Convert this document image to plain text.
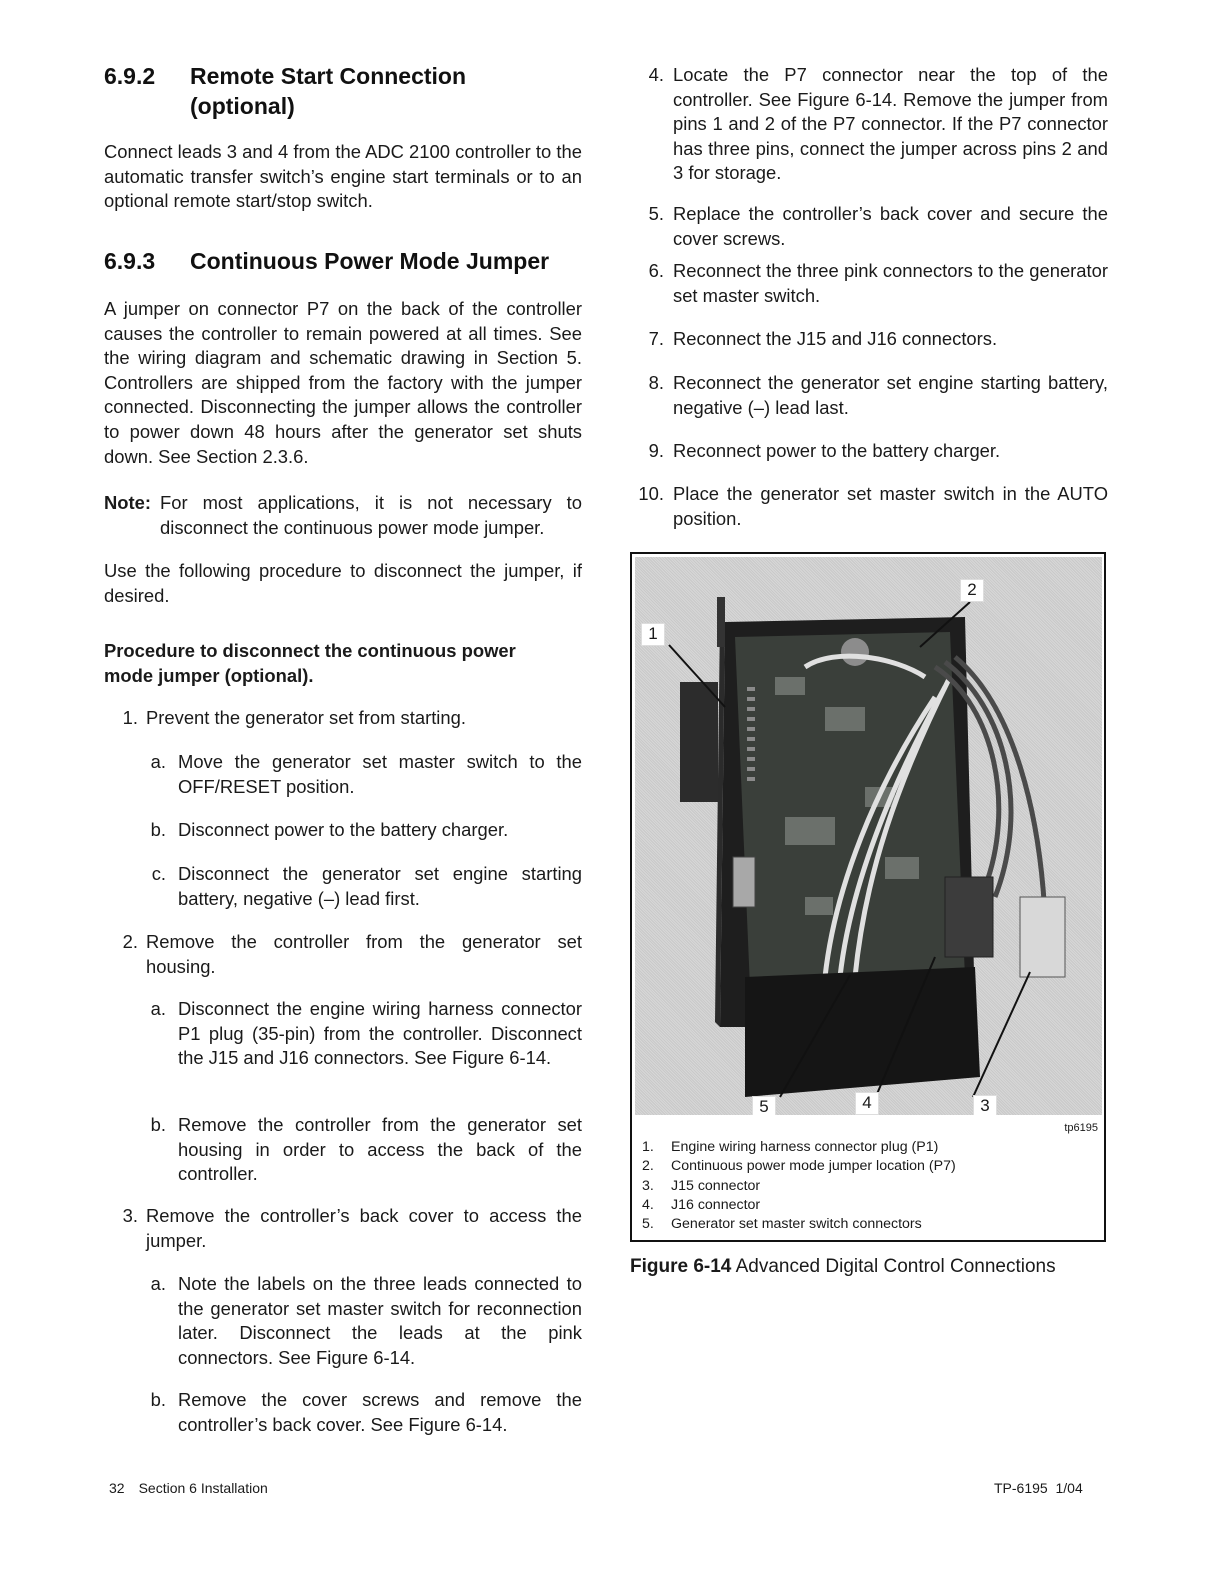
6.9.2 Remote Start Connection
(optional)

Connect leads 3 and 4 from the ADC 2100 controller to the automatic transfer switch’s engine start terminals or to an optional remote start/stop switch.

6.9.3 Continuous Power Mode Jumper

A jumper on connector P7 on the back of the controller causes the controller to remain powered at all times. See the wiring diagram and schematic drawing in Section 5. Controllers are shipped from the factory with the jumper connected. Disconnecting the jumper allows the controller to power down 48 hours after the generator set shuts down. See Section 2.3.6.

Note: For most applications, it is not necessary to disconnect the continuous power mode jumper.

Use the following procedure to disconnect the jumper, if desired.

Procedure to disconnect the continuous power mode jumper (optional).

1. Prevent the generator set from starting.
a. Move the generator set master switch to the OFF/RESET position.
b. Disconnect power to the battery charger.
c. Disconnect the generator set engine starting battery, negative (–) lead first.
2. Remove the controller from the generator set housing.
a. Disconnect the engine wiring harness connector P1 plug (35-pin) from the controller. Disconnect the J15 and J16 connectors. See Figure 6-14.
b. Remove the controller from the generator set housing in order to access the back of the controller.
3. Remove the controller’s back cover to access the jumper.
a. Note the labels on the three leads connected to the generator set master switch for reconnection later. Disconnect the leads at the pink connectors. See Figure 6-14.
b. Remove the cover screws and remove the controller’s back cover. See Figure 6-14.
4. Locate the P7 connector near the top of the controller. See Figure 6-14. Remove the jumper from pins 1 and 2 of the P7 connector. If the P7 connector has three pins, connect the jumper across pins 2 and 3 for storage.
5. Replace the controller’s back cover and secure the cover screws.
6. Reconnect the three pink connectors to the generator set master switch.
7. Reconnect the J15 and J16 connectors.
8. Reconnect the generator set engine starting battery, negative (–) lead last.
9. Reconnect power to the battery charger.
10. Place the generator set master switch in the AUTO position.
1
2
3
4
5
tp6195
1.	Engine wiring harness connector plug (P1)
2.	Continuous power mode jumper location (P7)
3.	J15 connector
4.	J16 connector
5.	Generator set master switch connectors
Figure 6-14 Advanced Digital Control Connections
32 Section 6 Installation	TP-6195 1/04
